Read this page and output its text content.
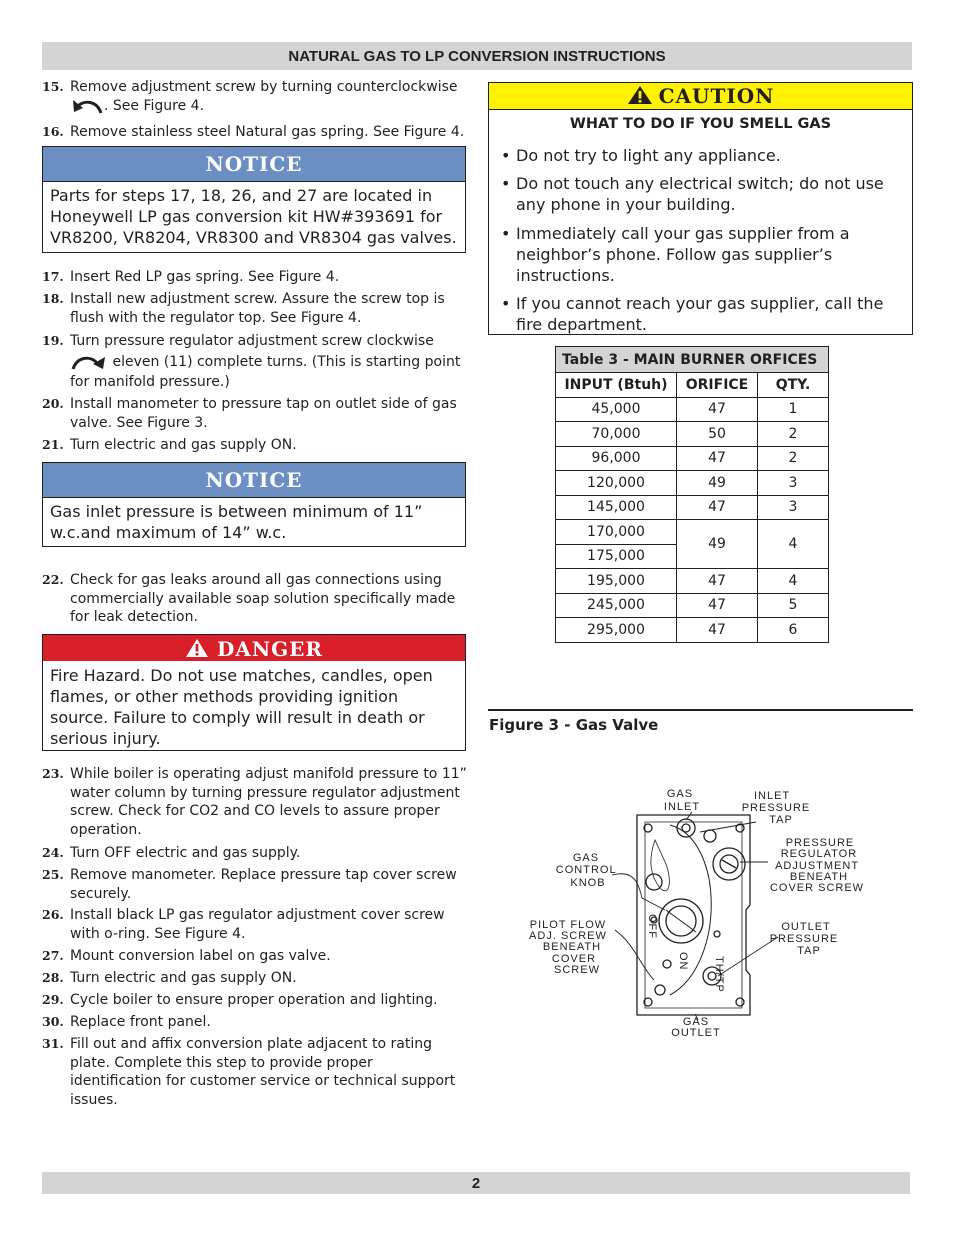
NATURAL GAS TO LP CONVERSION INSTRUCTIONS
15. Remove adjustment screw by turning counterclockwise
. See Figure 4.
16. Remove stainless steel Natural gas spring. See Figure 4.
NOTICE
Parts for steps 17, 18, 26, and 27 are located in Honeywell LP gas conversion kit HW#393691 for VR8200, VR8204, VR8300 and VR8304 gas valves.
17. Insert Red LP gas spring. See Figure 4.
18. Install new adjustment screw. Assure the screw top is flush with the regulator top. See Figure 4.
19. Turn pressure regulator adjustment screw clockwise
eleven (11) complete turns. (This is starting point for manifold pressure.)
20. Install manometer to pressure tap on outlet side of gas valve. See Figure 3.
21. Turn electric and gas supply ON.
NOTICE
Gas inlet pressure is between minimum of 11” w.c.and maximum of 14” w.c.
22. Check for gas leaks around all gas connections using commercially available soap solution specifically made for leak detection.
DANGER
Fire Hazard. Do not use matches, candles, open flames, or other methods providing ignition source. Failure to comply will result in death or serious injury.
23. While boiler is operating adjust manifold pressure to 11” water column by turning pressure regulator adjustment screw. Check for CO2 and CO levels to assure proper operation.
24. Turn OFF electric and gas supply.
25. Remove manometer. Replace pressure tap cover screw securely.
26. Install black LP gas regulator adjustment cover screw with o-ring. See Figure 4.
27. Mount conversion label on gas valve.
28. Turn electric and gas supply ON.
29. Cycle boiler to ensure proper operation and lighting.
30. Replace front panel.
31. Fill out and affix conversion plate adjacent to rating plate. Complete this step to provide proper identification for customer service or technical support issues.
CAUTION
WHAT TO DO IF YOU SMELL GAS
• Do not try to light any appliance.
• Do not touch any electrical switch; do not use any phone in your building.
• Immediately call your gas supplier from a neighbor’s phone. Follow gas supplier’s instructions.
• If you cannot reach your gas supplier, call the fire department.
Table 3 - MAIN BURNER ORFICES		
INPUT (Btuh)	ORIFICE	QTY.
45,000	47	1
70,000	50	2
96,000	47	2
120,000	49	3
145,000	47	3
170,000	49	4
175,000		
195,000	47	4
245,000	47	5
295,000	47	6
Figure 3 - Gas Valve
OFF
ON TH/TP
GAS INLET
INLET PRESSURE TAP
PRESSURE REGULATOR ADJUSTMENT BENEATH COVER SCREW
GAS CONTROL KNOB
PILOT FLOW ADJ. SCREW BENEATH COVER SCREW
OUTLET PRESSURE TAP
GAS OUTLET
2
